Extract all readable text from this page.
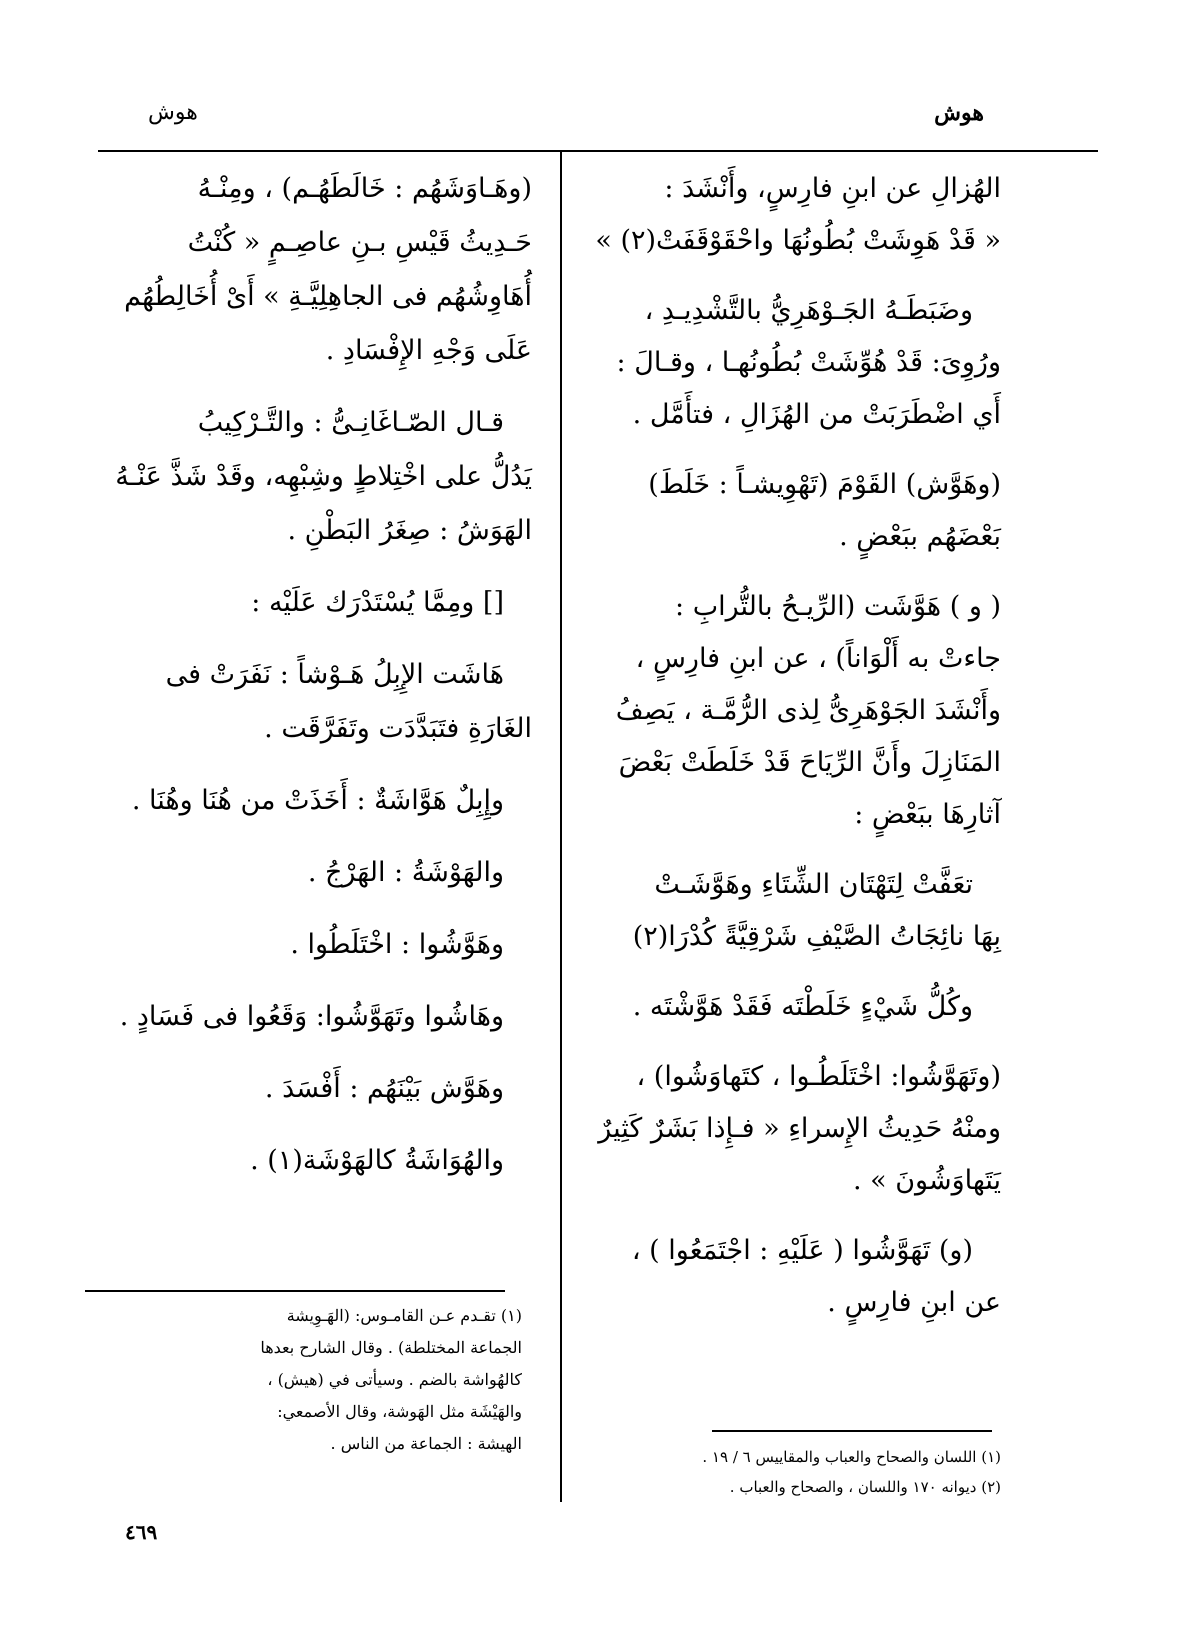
هوش
هوش
الهُزالِ عن ابنِ فارِسٍ، وأَنْشَدَ :
« قَدْ هَوِشَتْ بُطُونُهَا واحْقَوْقَفَتْ(٢) »
وضَبَطَـهُ الجَـوْهَرِيُّ بالتَّشْدِيـدِ ،
ورُوِىَ: قَدْ هُوِّشَتْ بُطُونُهـا ، وقـالَ :
أَي اضْطَرَبَتْ من الهُزَالِ ، فتأَمَّل .
(وهَوَّش) القَوْمَ (تَهْوِيشـاً : خَلَطَ)
بَعْضَهُم ببَعْضٍ .
( و ) هَوَّشَت (الرِّيـحُ بالتُّرابِ :
جاءتْ به أَلْوَاناً) ، عن ابنِ فارِسٍ ،
وأَنْشَدَ الجَوْهَرِىُّ لِذى الرُّمَّـة ، يَصِفُ
المَنَازِلَ وأَنَّ الرِّيَاحَ قَدْ خَلَطَتْ بَعْضَ
آثارِهَا ببَعْضٍ :
تعَفَّتْ لِتَهْتَان الشِّتَاءِ وهَوَّشَـتْ
بِهَا نائِجَاتُ الصَّيْفِ شَرْقِيَّةً كُدْرَا(٢)
وكُلُّ شَيْءٍ خَلَطْتَه فَقَدْ هَوَّشْتَه .
(وتَهَوَّشُوا: اخْتَلَطُـوا ، كتَهاوَشُوا) ،
ومنْهُ حَدِيثُ الإِسراءِ « فـإِذا بَشَرٌ كَثِيرٌ
يَتَهاوَشُونَ » .
(و) تَهَوَّشُوا ( عَلَيْهِ : اجْتَمَعُوا ) ،
عن ابنِ فارِسٍ .
(وهَـاوَشَهُم : خَالَطَهُـم) ، ومِنْـهُ
حَـدِيثُ قَيْسِ بـنِ عاصِـمٍ « كُنْتُ
أُهَاوِشُهُم فى الجاهِلِيَّـةِ » أَىْ أُخَالِطُهُم
عَلَى وَجْهِ الإِفْسَادِ .
قـال الصّـاغَانِـىُّ : والتَّـرْكِيبُ
يَدُلُّ على اخْتِلاطٍ وشِبْهِه، وقَدْ شَذَّ عَنْـهُ
الهَوَشُ : صِغَرُ البَطْنِ .
[] ومِمَّا يُسْتَدْرَك عَلَيْه :
هَاشَت الإِبِلُ هَـوْشاً : نَفَرَتْ فى
الغَارَةِ فتَبَدَّدَت وتَفَرَّقَت .
وإِبِلٌ هَوَّاشَةٌ : أَخَذَتْ من هُنَا وهُنَا .
والهَوْشَةُ : الهَرْجُ .
وهَوَّشُوا : اخْتَلَطُوا .
وهَاشُوا وتَهَوَّشُوا: وَقَعُوا فى فَسَادٍ .
وهَوَّش بَيْنَهُم : أَفْسَدَ .
والهُوَاشَةُ كالهَوْشَة(١) .
(١) تقـدم عـن القامـوس: (الهَـوِيشة
الجماعة المختلطة) . وقال الشارح بعدها
كالهُواشة بالضم . وسيأتى في (هيش) ،
والهَيْشَة مثل الهَوشة، وقال الأصمعي:
الهيشة : الجماعة من الناس .
(١) اللسان والصحاح والعباب والمقاييس ٦ / ١٩ .
(٢) ديوانه ١٧٠ واللسان ، والصحاح والعباب .
٤٦٩
